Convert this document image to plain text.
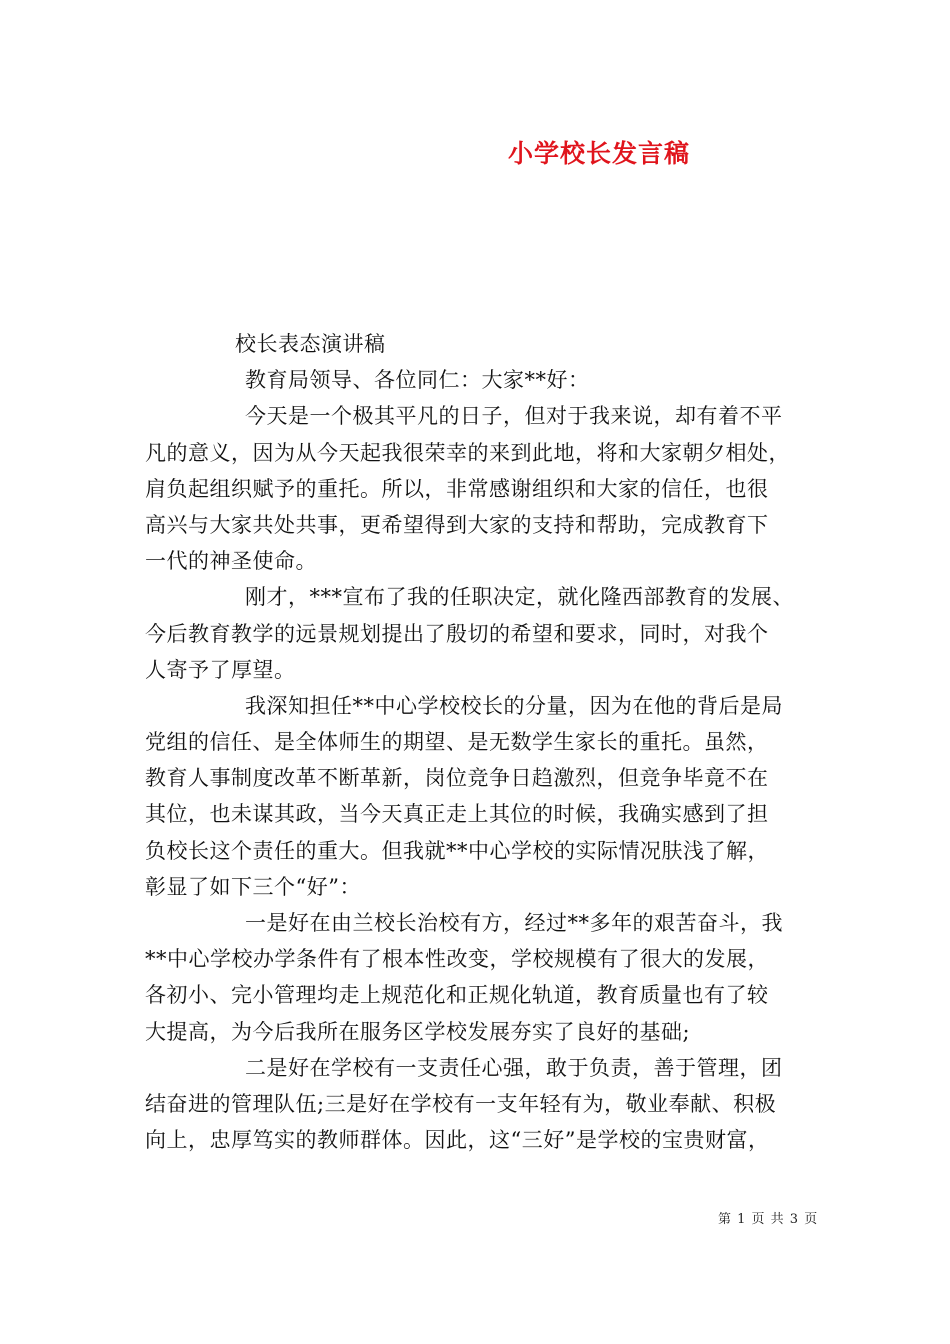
小学校长发言稿
校长表态演讲稿
教育局领导、各位同仁：大家**好：
今天是一个极其平凡的日子，但对于我来说，却有着不平
凡的意义，因为从今天起我很荣幸的来到此地，将和大家朝夕相处，
肩负起组织赋予的重托。所以，非常感谢组织和大家的信任，也很
高兴与大家共处共事，更希望得到大家的支持和帮助，完成教育下
一代的神圣使命。
刚才，***宣布了我的任职决定，就化隆西部教育的发展、
今后教育教学的远景规划提出了殷切的希望和要求，同时，对我个
人寄予了厚望。
我深知担任**中心学校校长的分量，因为在他的背后是局
党组的信任、是全体师生的期望、是无数学生家长的重托。虽然，
教育人事制度改革不断革新，岗位竞争日趋激烈，但竞争毕竟不在
其位，也未谋其政，当今天真正走上其位的时候，我确实感到了担
负校长这个责任的重大。但我就**中心学校的实际情况肤浅了解，
彰显了如下三个“好”：
一是好在由兰校长治校有方，经过**多年的艰苦奋斗，我
**中心学校办学条件有了根本性改变，学校规模有了很大的发展，
各初小、完小管理均走上规范化和正规化轨道，教育质量也有了较
大提高，为今后我所在服务区学校发展夯实了良好的基础;
二是好在学校有一支责任心强，敢于负责，善于管理，团
结奋进的管理队伍;三是好在学校有一支年轻有为，敬业奉献、积极
向上，忠厚笃实的教师群体。因此，这“三好”是学校的宝贵财富，
第 1 页 共 3 页
